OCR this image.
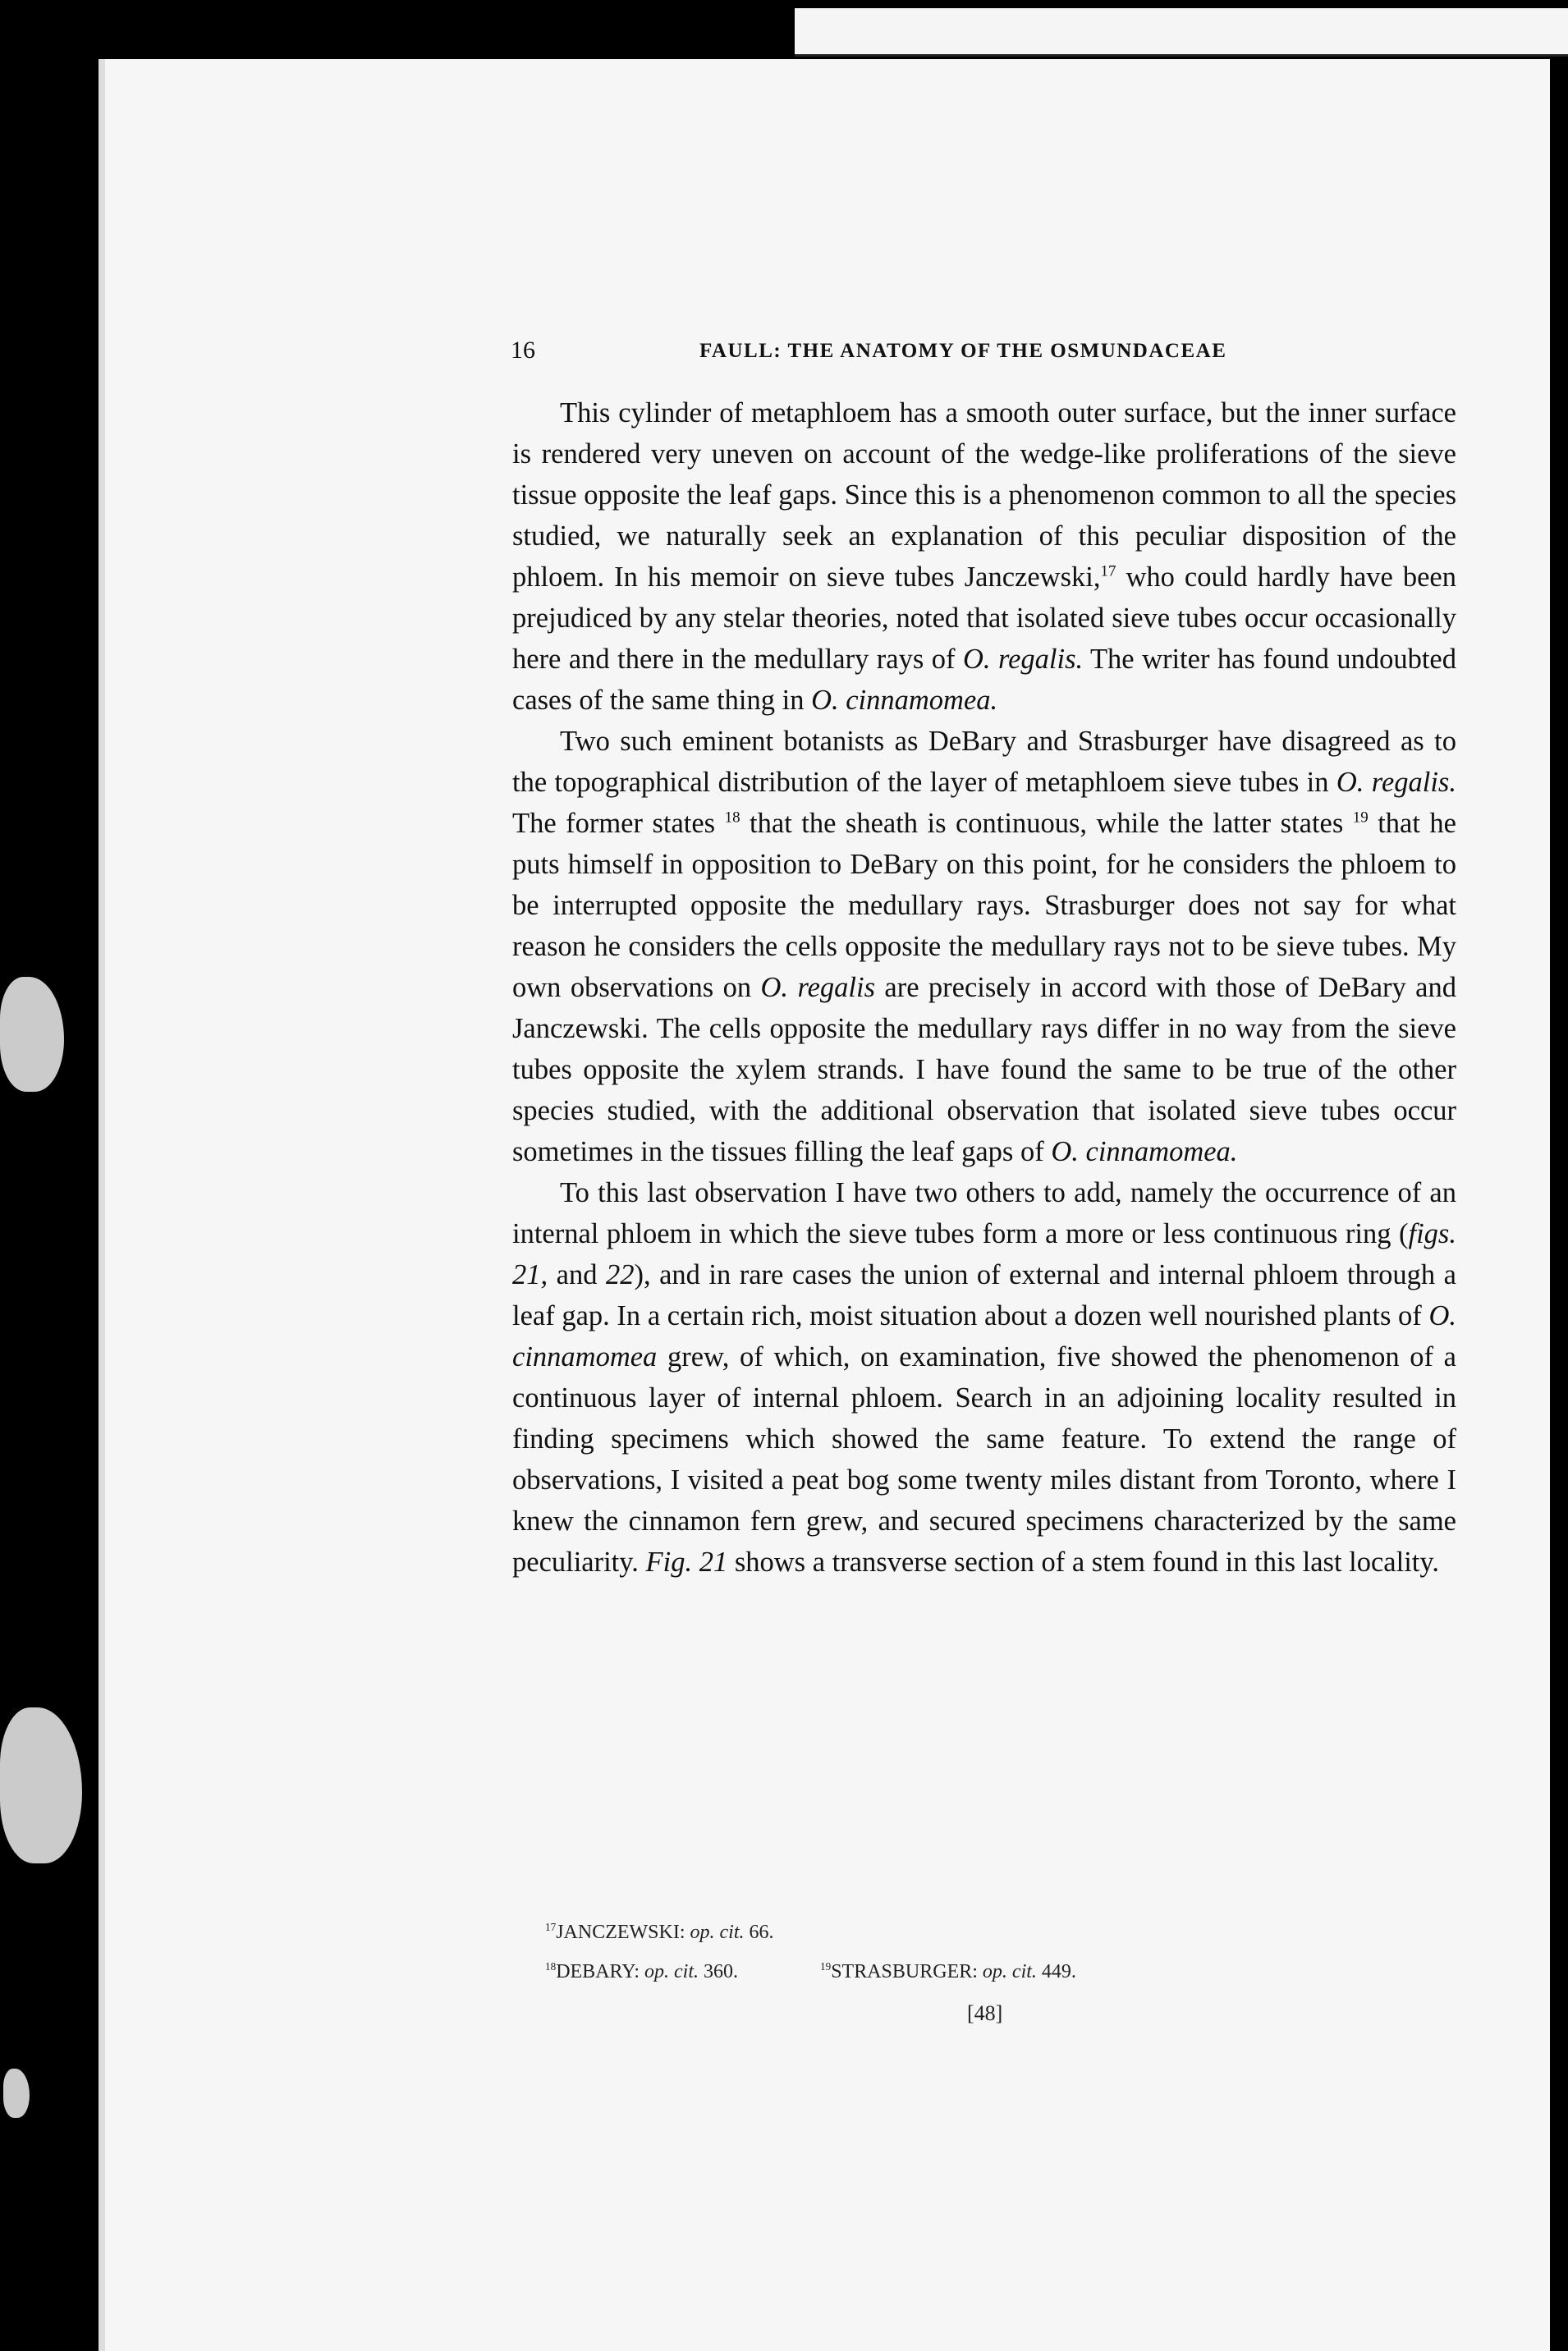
16	FAULL: THE ANATOMY OF THE OSMUNDACEAE

This cylinder of metaphloem has a smooth outer surface, but the inner surface is rendered very uneven on account of the wedge-like proliferations of the sieve tissue opposite the leaf gaps. Since this is a phenomenon common to all the species studied, we naturally seek an explanation of this peculiar disposition of the phloem. In his memoir on sieve tubes Janczewski,$^{17}$ who could hardly have been prejudiced by any stelar theories, noted that isolated sieve tubes occur occasionally here and there in the medullary rays of O. regalis. The writer has found undoubted cases of the same thing in O. cinnamomea.

Two such eminent botanists as DeBary and Strasburger have disagreed as to the topographical distribution of the layer of metaphloem sieve tubes in O. regalis. The former states $^{18}$ that the sheath is continuous, while the latter states $^{19}$ that he puts himself in opposition to DeBary on this point, for he considers the phloem to be interrupted opposite the medullary rays. Strasburger does not say for what reason he considers the cells opposite the medullary rays not to be sieve tubes. My own observations on O. regalis are precisely in accord with those of DeBary and Janczewski. The cells opposite the medullary rays differ in no way from the sieve tubes opposite the xylem strands. I have found the same to be true of the other species studied, with the additional observation that isolated sieve tubes occur sometimes in the tissues filling the leaf gaps of O. cinnamomea.

To this last observation I have two others to add, namely the occurrence of an internal phloem in which the sieve tubes form a more or less continuous ring (figs. 21, and 22), and in rare cases the union of external and internal phloem through a leaf gap. In a certain rich, moist situation about a dozen well nourished plants of O. cinnamomea grew, of which, on examination, five showed the phenomenon of a continuous layer of internal phloem. Search in an adjoining locality resulted in finding specimens which showed the same feature. To extend the range of observations, I visited a peat bog some twenty miles distant from Toronto, where I knew the cinnamon fern grew, and secured specimens characterized by the same peculiarity. Fig. 21 shows a transverse section of a stem found in this last locality.

$^{17}$JANCZEWSKI: op. cit. 66.
$^{18}$DEBARY: op. cit. 360.	$^{19}$STRASBURGER: op. cit. 449.
[48]
